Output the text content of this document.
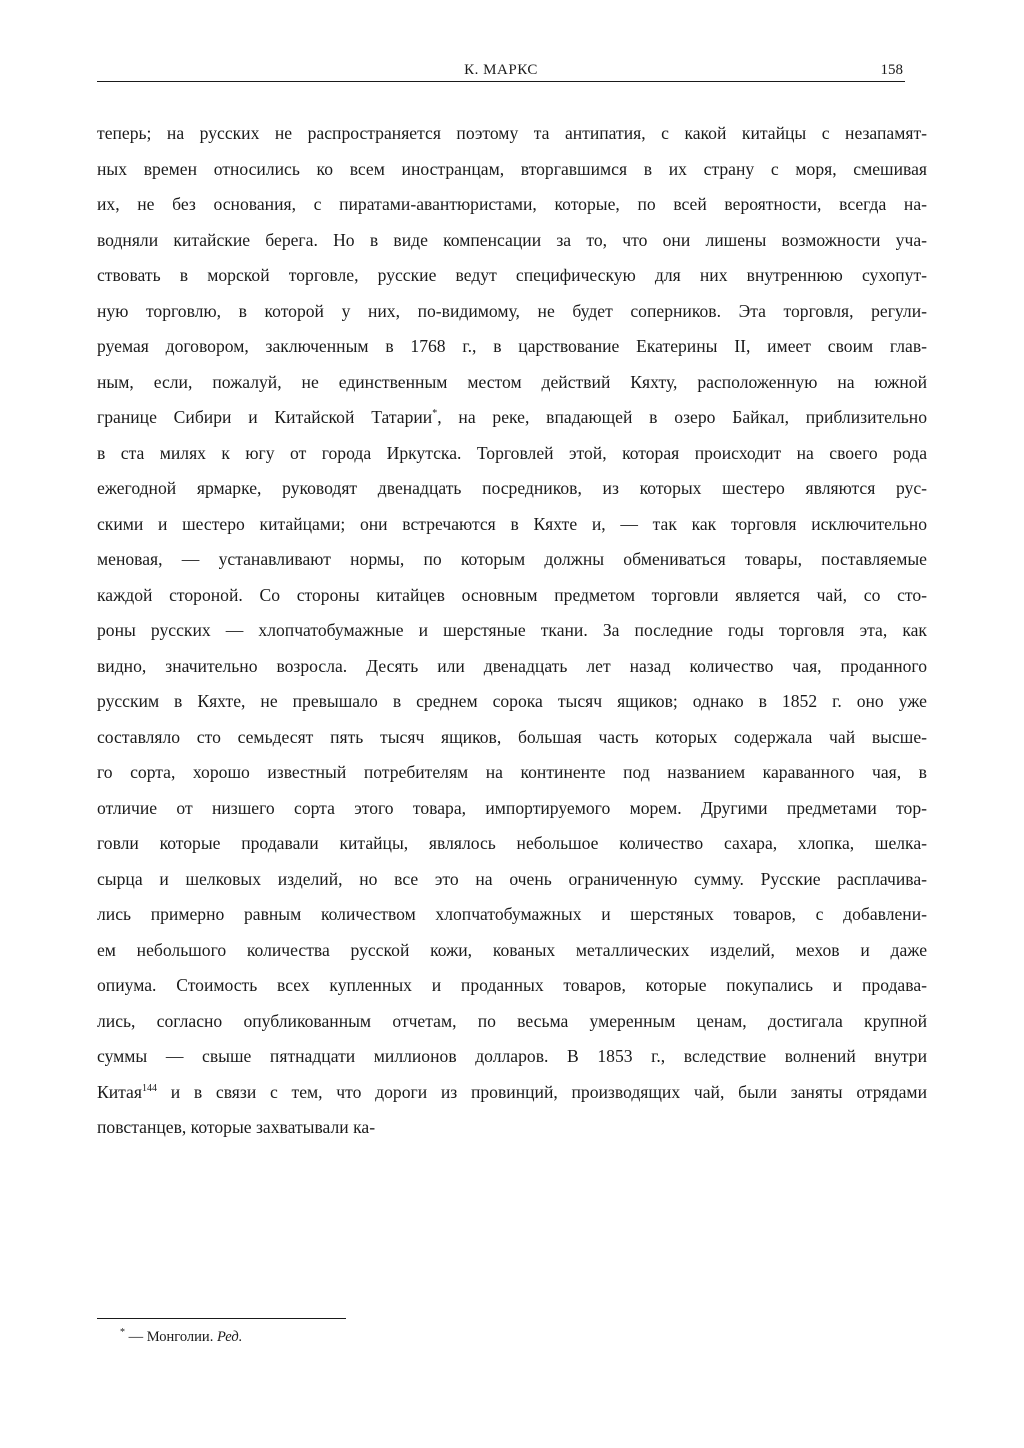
К. МАРКС	158
теперь; на русских не распространяется поэтому та антипатия, с какой китайцы с незапамят-
ных времен относились ко всем иностранцам, вторгавшимся в их страну с моря, смешивая
их, не без основания, с пиратами-авантюристами, которые, по всей вероятности, всегда на-
водняли китайские берега. Но в виде компенсации за то, что они лишены возможности уча-
ствовать в морской торговле, русские ведут специфическую для них внутреннюю сухопут-
ную торговлю, в которой у них, по-видимому, не будет соперников. Эта торговля, регули-
руемая договором, заключенным в 1768 г., в царствование Екатерины II, имеет своим глав-
ным, если, пожалуй, не единственным местом действий Кяхту, расположенную на южной
границе Сибири и Китайской Татарии*, на реке, впадающей в озеро Байкал, приблизительно
в ста милях к югу от города Иркутска. Торговлей этой, которая происходит на своего рода
ежегодной ярмарке, руководят двенадцать посредников, из которых шестеро являются рус-
скими и шестеро китайцами; они встречаются в Кяхте и, — так как торговля исключительно
меновая, — устанавливают нормы, по которым должны обмениваться товары, поставляемые
каждой стороной. Со стороны китайцев основным предметом торговли является чай, со сто-
роны русских — хлопчатобумажные и шерстяные ткани. За последние годы торговля эта, как
видно, значительно возросла. Десять или двенадцать лет назад количество чая, проданного
русским в Кяхте, не превышало в среднем сорока тысяч ящиков; однако в 1852 г. оно уже
составляло сто семьдесят пять тысяч ящиков, большая часть которых содержала чай высше-
го сорта, хорошо известный потребителям на континенте под названием караванного чая, в
отличие от низшего сорта этого товара, импортируемого морем. Другими предметами тор-
говли которые продавали китайцы, являлось небольшое количество сахара, хлопка, шелка-
сырца и шелковых изделий, но все это на очень ограниченную сумму. Русские расплачива-
лись примерно равным количеством хлопчатобумажных и шерстяных товаров, с добавлени-
ем небольшого количества русской кожи, кованых металлических изделий, мехов и даже
опиума. Стоимость всех купленных и проданных товаров, которые покупались и продава-
лись, согласно опубликованным отчетам, по весьма умеренным ценам, достигала крупной
суммы — свыше пятнадцати миллионов долларов. В 1853 г., вследствие волнений внутри
Китая$^{144}$ и в связи с тем, что дороги из провинций, производящих чай, были заняты отрядами
повстанцев, которые захватывали ка-
* — Монголии. Ред.
